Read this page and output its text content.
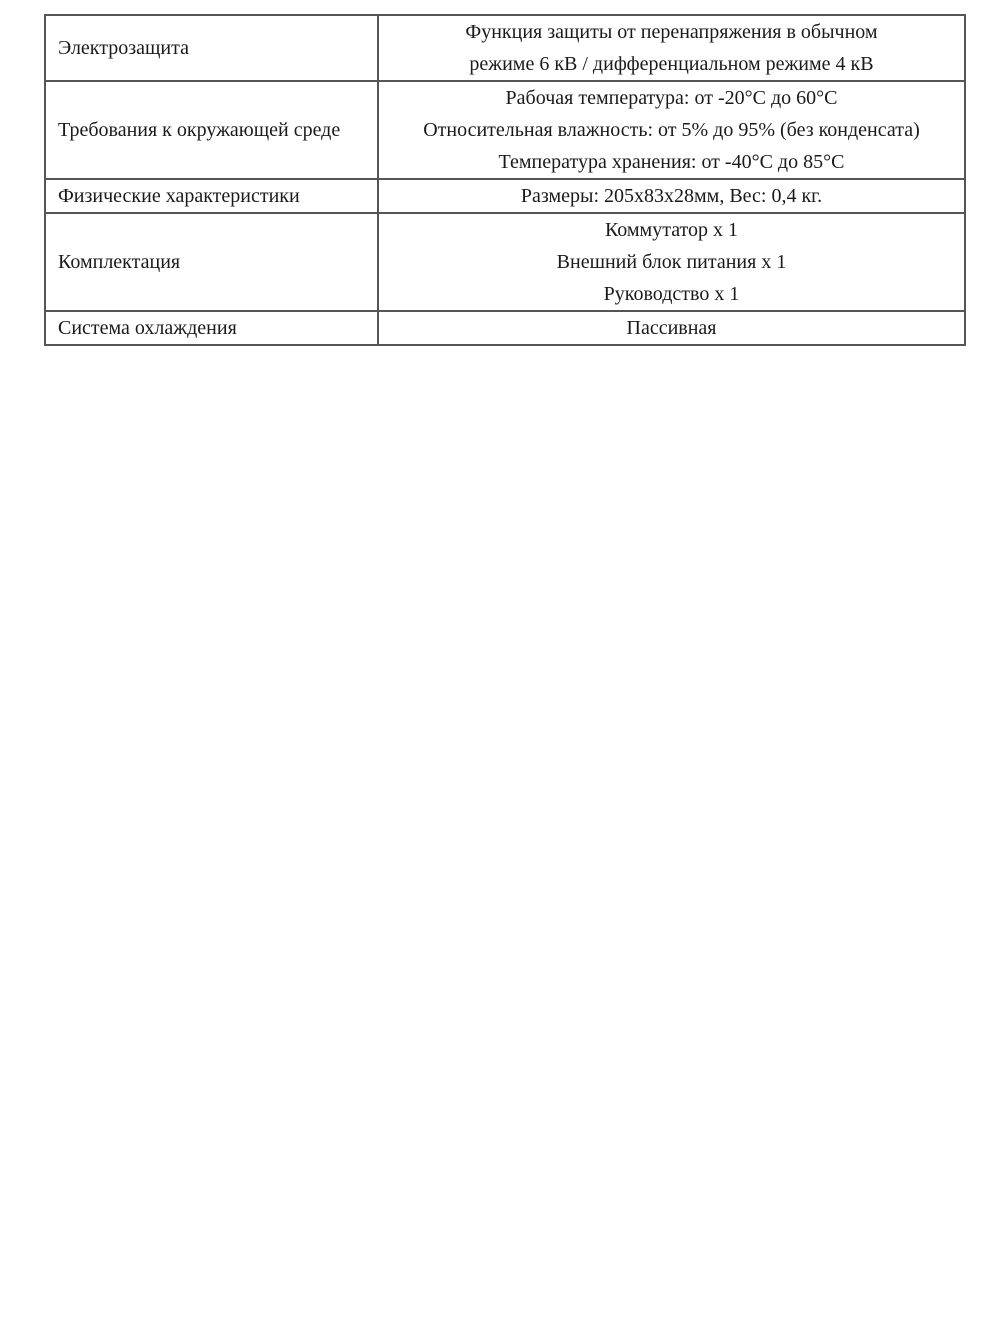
Электрозащита	Функция защиты от перенапряжения в обычном
режиме 6 кВ / дифференциальном режиме 4 кВ

Требования к окружающей среде	Рабочая температура: от -20°C до 60°C
Относительная влажность: от 5% до 95% (без конденсата)
Температура хранения: от -40°C до 85°C

Физические характеристики	Размеры: 205x83x28мм, Вес: 0,4 кг.

Комплектация	Коммутатор x 1
Внешний блок питания x 1
Руководство x 1

Система охлаждения	Пассивная
